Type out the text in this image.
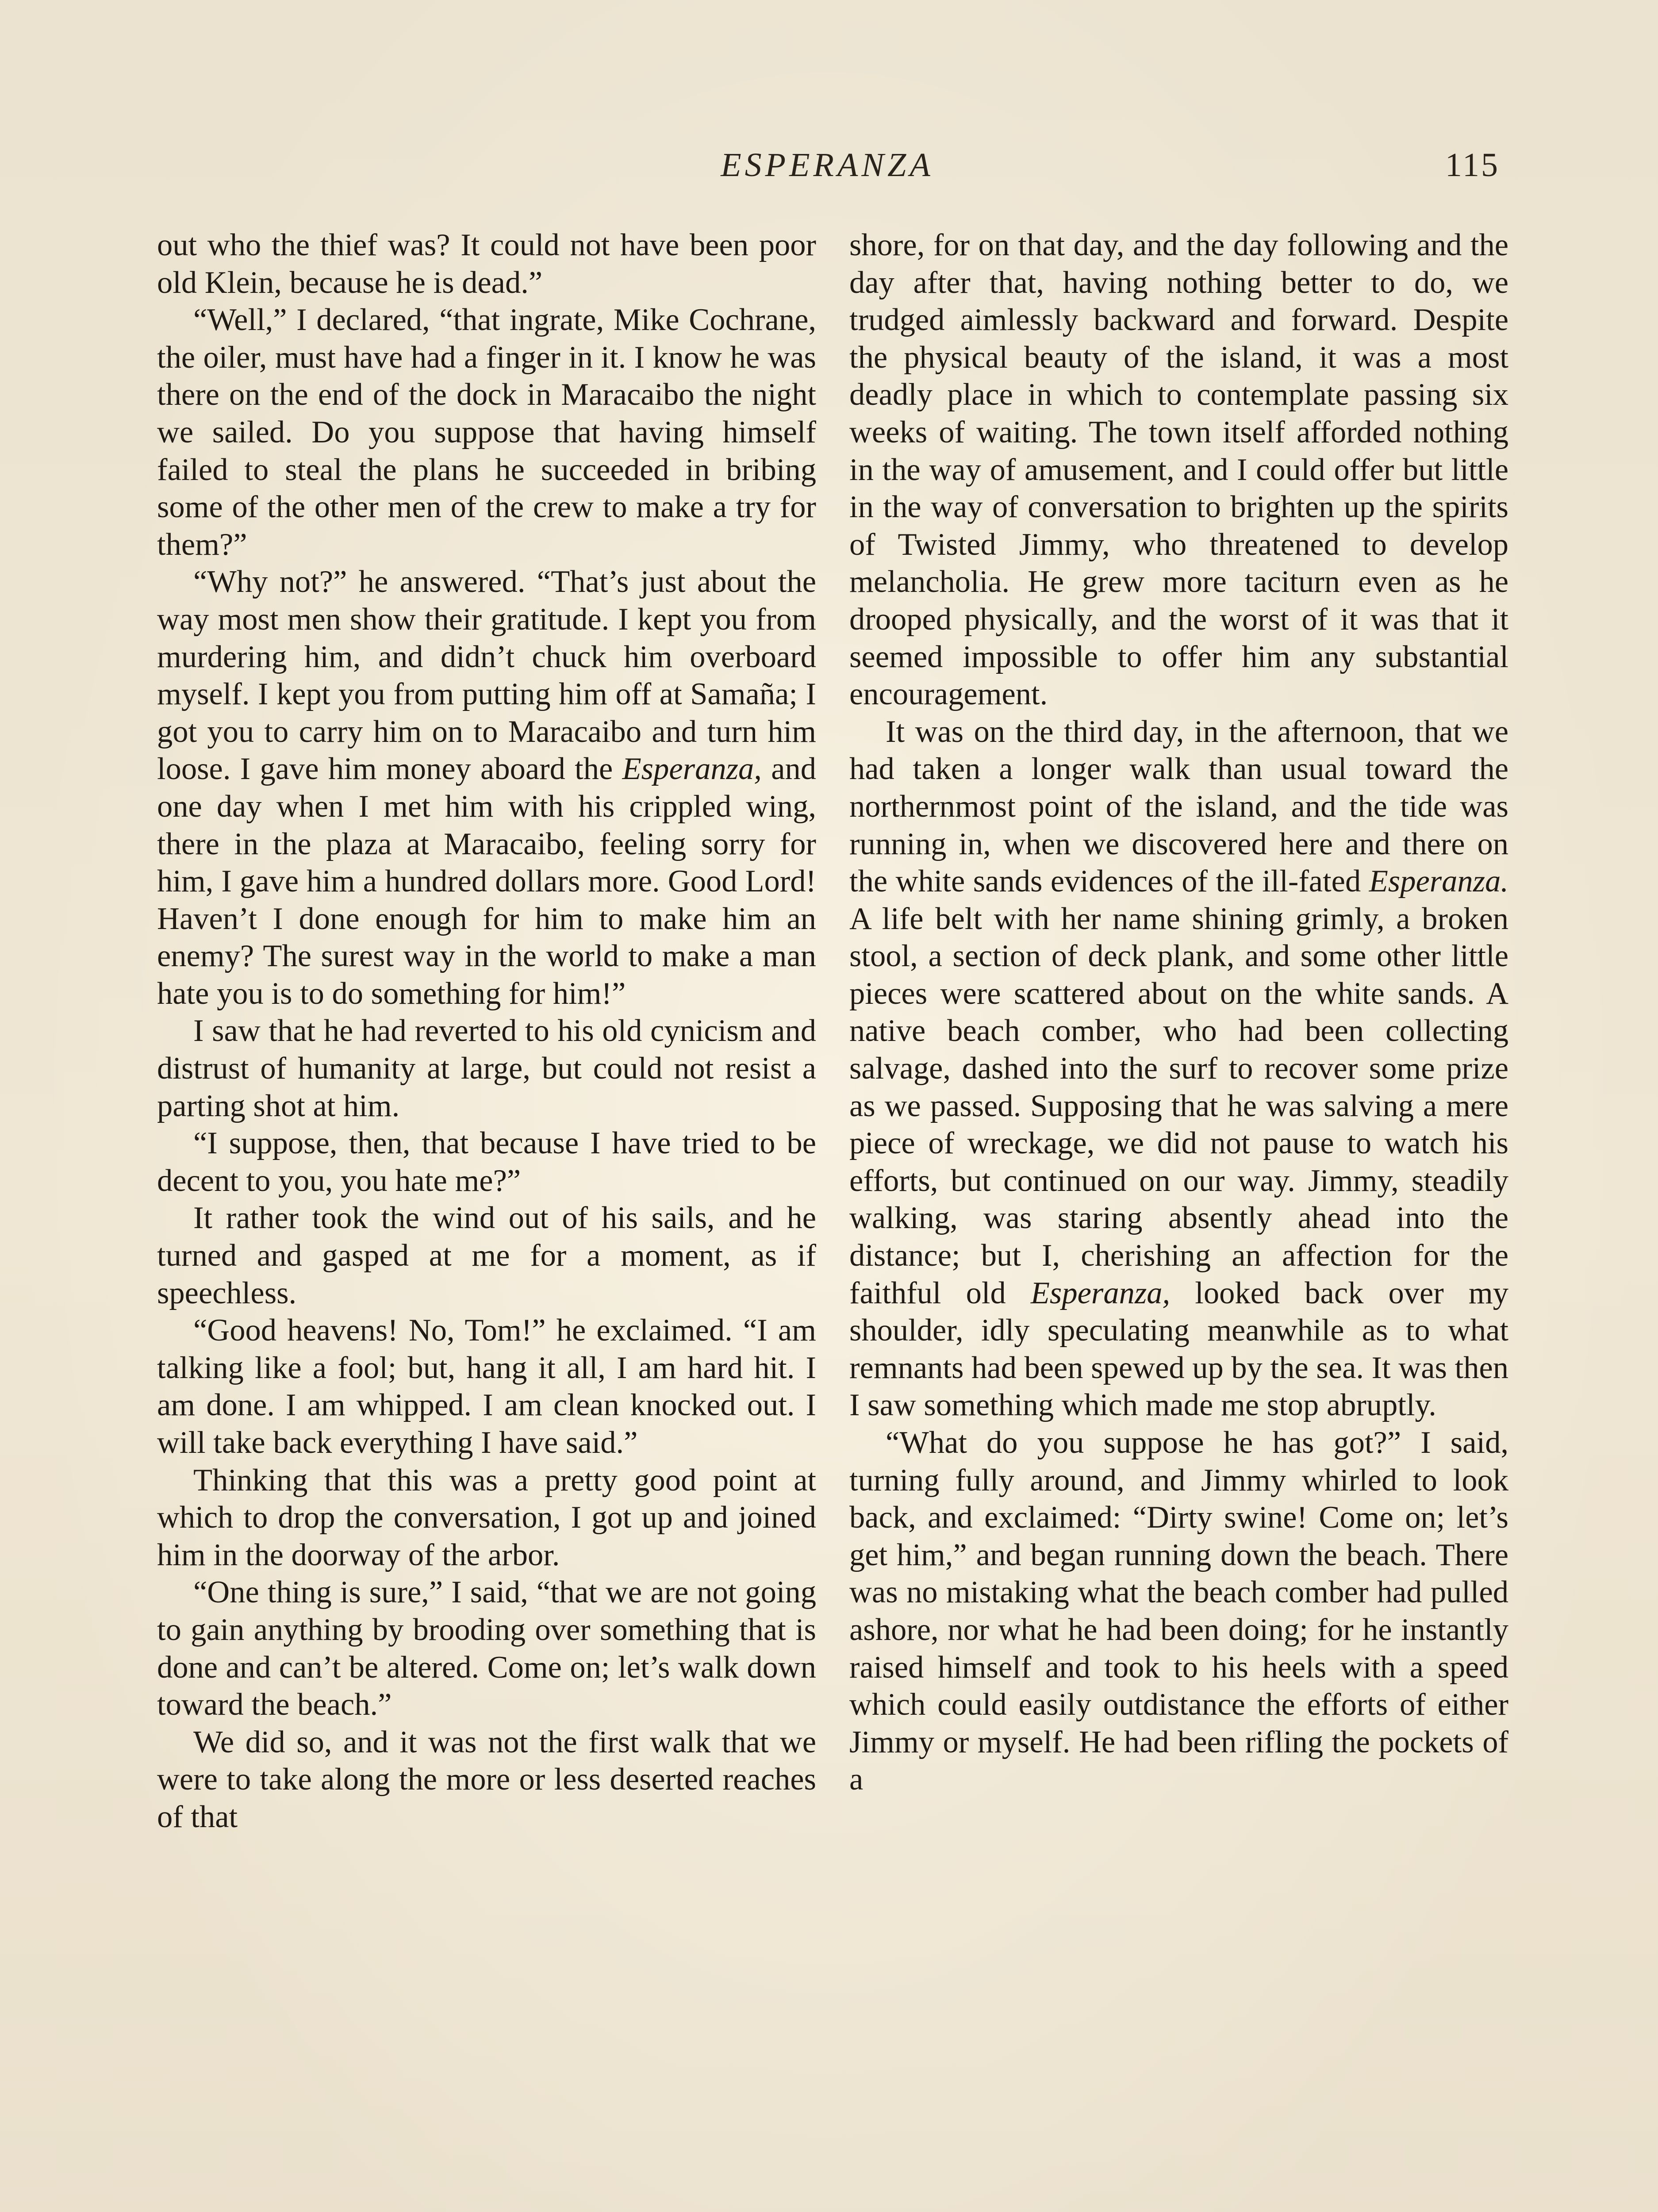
ESPERANZA	115

out who the thief was? It could not have been poor old Klein, because he is dead.”

“Well,” I declared, “that ingrate, Mike Cochrane, the oiler, must have had a finger in it. I know he was there on the end of the dock in Maracaibo the night we sailed. Do you suppose that having himself failed to steal the plans he succeeded in bribing some of the other men of the crew to make a try for them?”

“Why not?” he answered. “That’s just about the way most men show their gratitude. I kept you from murdering him, and didn’t chuck him overboard myself. I kept you from putting him off at Samaña; I got you to carry him on to Maracaibo and turn him loose. I gave him money aboard the Esperanza, and one day when I met him with his crippled wing, there in the plaza at Maracaibo, feeling sorry for him, I gave him a hundred dollars more. Good Lord! Haven’t I done enough for him to make him an enemy? The surest way in the world to make a man hate you is to do something for him!”

I saw that he had reverted to his old cynicism and distrust of humanity at large, but could not resist a parting shot at him.

“I suppose, then, that because I have tried to be decent to you, you hate me?”

It rather took the wind out of his sails, and he turned and gasped at me for a moment, as if speechless.

“Good heavens! No, Tom!” he exclaimed. “I am talking like a fool; but, hang it all, I am hard hit. I am done. I am whipped. I am clean knocked out. I will take back everything I have said.”

Thinking that this was a pretty good point at which to drop the conversation, I got up and joined him in the doorway of the arbor.

“One thing is sure,” I said, “that we are not going to gain anything by brooding over something that is done and can’t be altered. Come on; let’s walk down toward the beach.”

We did so, and it was not the first walk that we were to take along the more or less deserted reaches of that

shore, for on that day, and the day following and the day after that, having nothing better to do, we trudged aimlessly backward and forward. Despite the physical beauty of the island, it was a most deadly place in which to contemplate passing six weeks of waiting. The town itself afforded nothing in the way of amusement, and I could offer but little in the way of conversation to brighten up the spirits of Twisted Jimmy, who threatened to develop melancholia. He grew more taciturn even as he drooped physically, and the worst of it was that it seemed impossible to offer him any substantial encouragement.

It was on the third day, in the afternoon, that we had taken a longer walk than usual toward the northernmost point of the island, and the tide was running in, when we discovered here and there on the white sands evidences of the ill-fated Esperanza. A life belt with her name shining grimly, a broken stool, a section of deck plank, and some other little pieces were scattered about on the white sands. A native beach comber, who had been collecting salvage, dashed into the surf to recover some prize as we passed. Supposing that he was salving a mere piece of wreckage, we did not pause to watch his efforts, but continued on our way. Jimmy, steadily walking, was staring absently ahead into the distance; but I, cherishing an affection for the faithful old Esperanza, looked back over my shoulder, idly speculating meanwhile as to what remnants had been spewed up by the sea. It was then I saw something which made me stop abruptly.

“What do you suppose he has got?” I said, turning fully around, and Jimmy whirled to look back, and exclaimed: “Dirty swine! Come on; let’s get him,” and began running down the beach. There was no mistaking what the beach comber had pulled ashore, nor what he had been doing; for he instantly raised himself and took to his heels with a speed which could easily outdistance the efforts of either Jimmy or myself. He had been rifling the pockets of a
